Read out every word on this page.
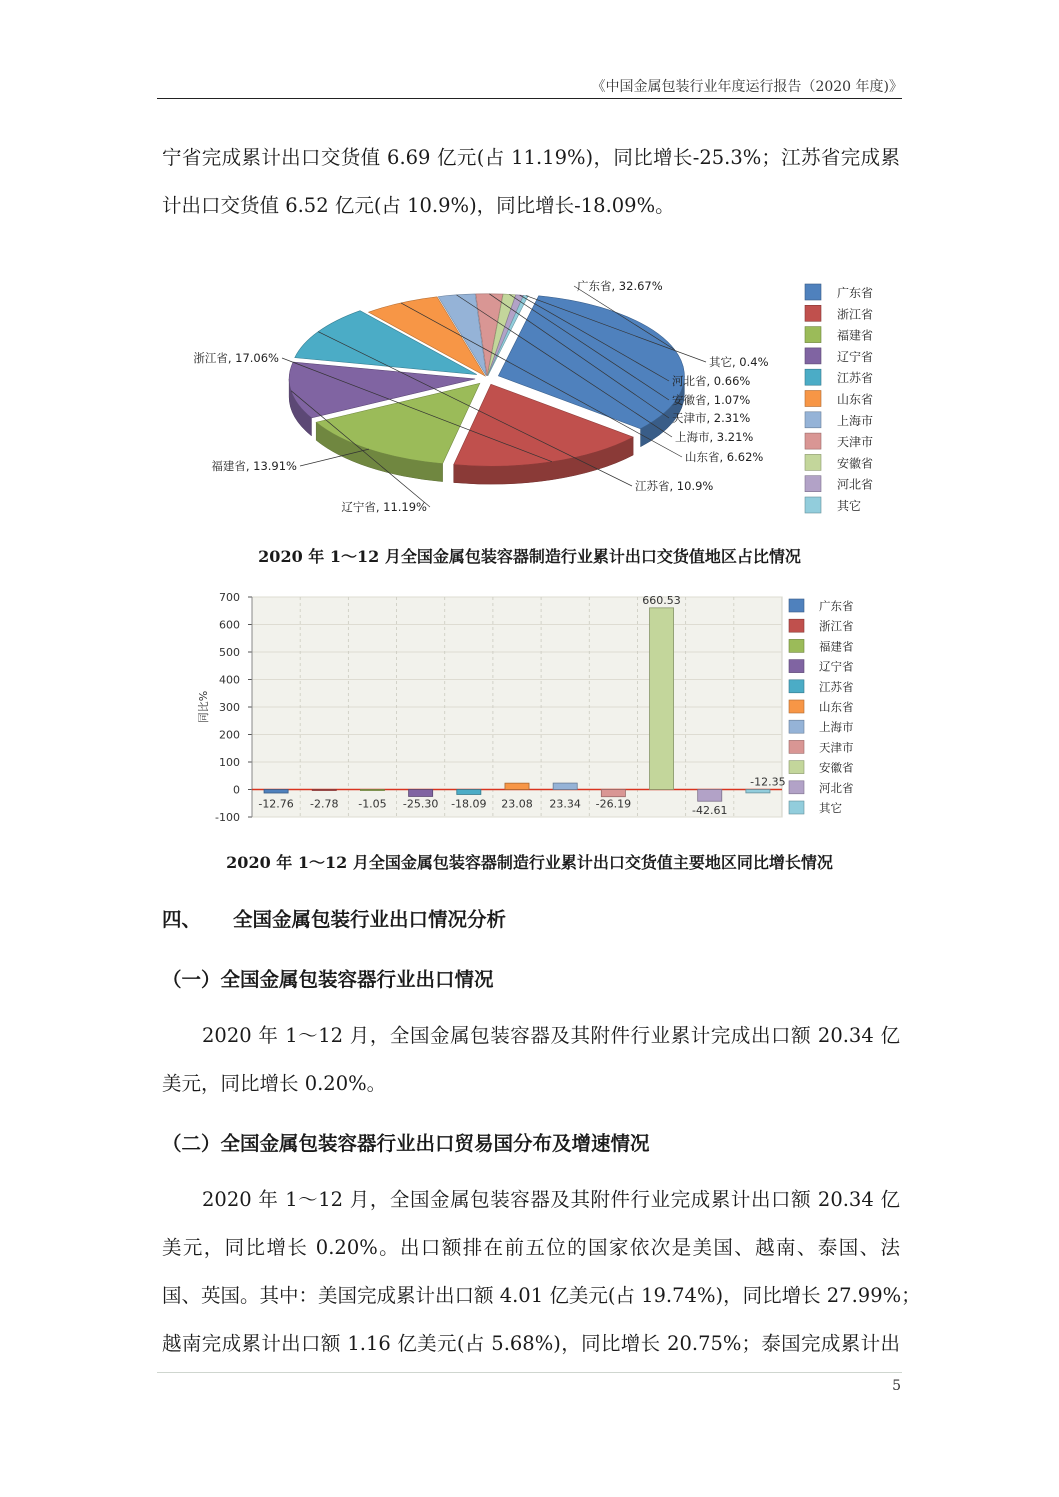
《中国金属包装行业年度运行报告（2020 年度)》
宁省完成累计出口交货值 6.69 亿元(占 11.19%)，同比增长-25.3%；江苏省完成累
计出口交货值 6.52 亿元(占 10.9%)，同比增长-18.09%。
广东省, 32.67%
浙江省, 17.06%
福建省, 13.91%
辽宁省, 11.19%
江苏省, 10.9%
山东省, 6.62%
上海市, 3.21%
天津市, 2.31%
安徽省, 1.07%
河北省, 0.66%
其它, 0.4%
广东省
浙江省
福建省
辽宁省
江苏省
山东省
上海市
天津市
安徽省
河北省
其它
2020 年 1～12 月全国金属包装容器制造行业累计出口交货值地区占比情况
700
600
500
400
300
200
100
0
-100
-12.76 -2.78 -1.05 -25.30 -18.09 23.08 23.34 -26.19
660.53
-42.61
-12.35
同比%
广东省
浙江省
福建省
辽宁省
江苏省
山东省
上海市
天津市
安徽省
河北省
其它
2020 年 1～12 月全国金属包装容器制造行业累计出口交货值主要地区同比增长情况
四、 全国金属包装行业出口情况分析
（一）全国金属包装容器行业出口情况
2020 年 1～12 月，全国金属包装容器及其附件行业累计完成出口额 20.34 亿
美元，同比增长 0.20%。
（二）全国金属包装容器行业出口贸易国分布及增速情况
2020 年 1～12 月，全国金属包装容器及其附件行业完成累计出口额 20.34 亿
美元，同比增长 0.20%。出口额排在前五位的国家依次是美国、越南、泰国、法
国、英国。其中：美国完成累计出口额 4.01 亿美元(占 19.74%)，同比增长 27.99%；
越南完成累计出口额 1.16 亿美元(占 5.68%)，同比增长 20.75%；泰国完成累计出
5
